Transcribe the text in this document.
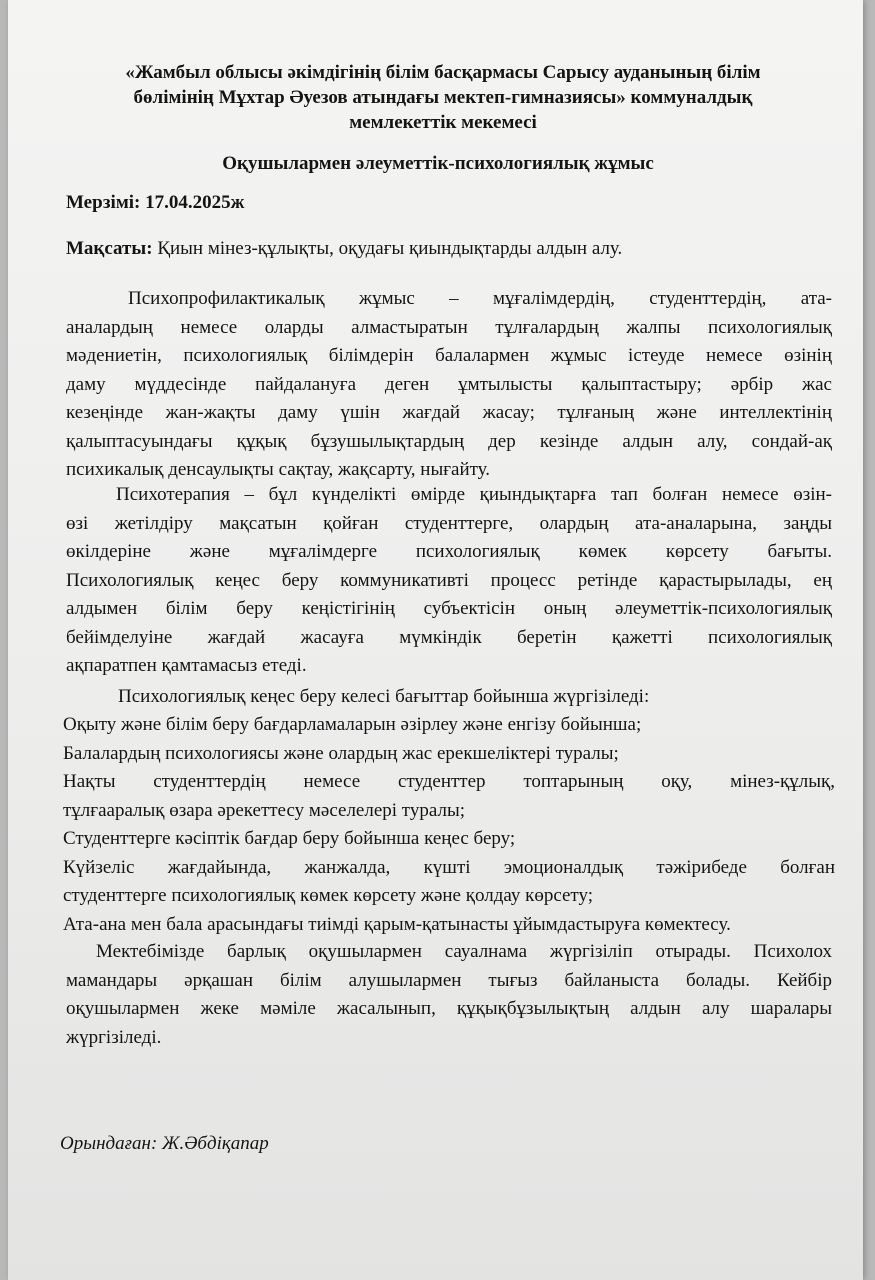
«Жамбыл облысы әкімдігінің білім басқармасы Сарысу ауданының білім
бөлімінің Мұхтар Әуезов атындағы мектеп-гимназиясы» коммуналдық
мемлекеттік мекемесі
Оқушылармен әлеуметтік-психологиялық жұмыс
Мерзімі: 17.04.2025ж
Мақсаты: Қиын мінез-құлықты, оқудағы қиындықтарды алдын алу.
Психопрофилактикалық жұмыс – мұғалімдердің, студенттердің, ата-
аналардың немесе оларды алмастыратын тұлғалардың жалпы психологиялық
мәдениетін, психологиялық білімдерін балалармен жұмыс істеуде немесе өзінің
даму мүддесінде пайдалануға деген ұмтылысты қалыптастыру; әрбір жас
кезеңінде жан-жақты даму үшін жағдай жасау; тұлғаның және интеллектінің
қалыптасуындағы құқық бұзушылықтардың дер кезінде алдын алу, сондай-ақ
психикалық денсаулықты сақтау, жақсарту, нығайту.
Психотерапия – бұл күнделікті өмірде қиындықтарға тап болған немесе өзін-
өзі жетілдіру мақсатын қойған студенттерге, олардың ата-аналарына, заңды
өкілдеріне және мұғалімдерге психологиялық көмек көрсету бағыты.
Психологиялық кеңес беру коммуникативті процесс ретінде қарастырылады, ең
алдымен білім беру кеңістігінің субъектісін оның әлеуметтік-психологиялық
бейімделуіне жағдай жасауға мүмкіндік беретін қажетті психологиялық
ақпаратпен қамтамасыз етеді.
Психологиялық кеңес беру келесі бағыттар бойынша жүргізіледі:
Оқыту және білім беру бағдарламаларын әзірлеу және енгізу бойынша;
Балалардың психологиясы және олардың жас ерекшеліктері туралы;
Нақты студенттердің немесе студенттер топтарының оқу, мінез-құлық,
тұлғааралық өзара әрекеттесу мәселелері туралы;
Студенттерге кәсіптік бағдар беру бойынша кеңес беру;
Күйзеліс жағдайында, жанжалда, күшті эмоционалдық тәжірибеде болған
студенттерге психологиялық көмек көрсету және қолдау көрсету;
Ата-ана мен бала арасындағы тиімді қарым-қатынасты ұйымдастыруға көмектесу.
Мектебімізде барлық оқушылармен сауалнама жүргізіліп отырады. Психолох
мамандары әрқашан білім алушылармен тығыз байланыста болады. Кейбір
оқушылармен жеке мәміле жасалынып, құқықбұзылықтың алдын алу шаралары
жүргізіледі.
Орындаған: Ж.Әбдіқапар
